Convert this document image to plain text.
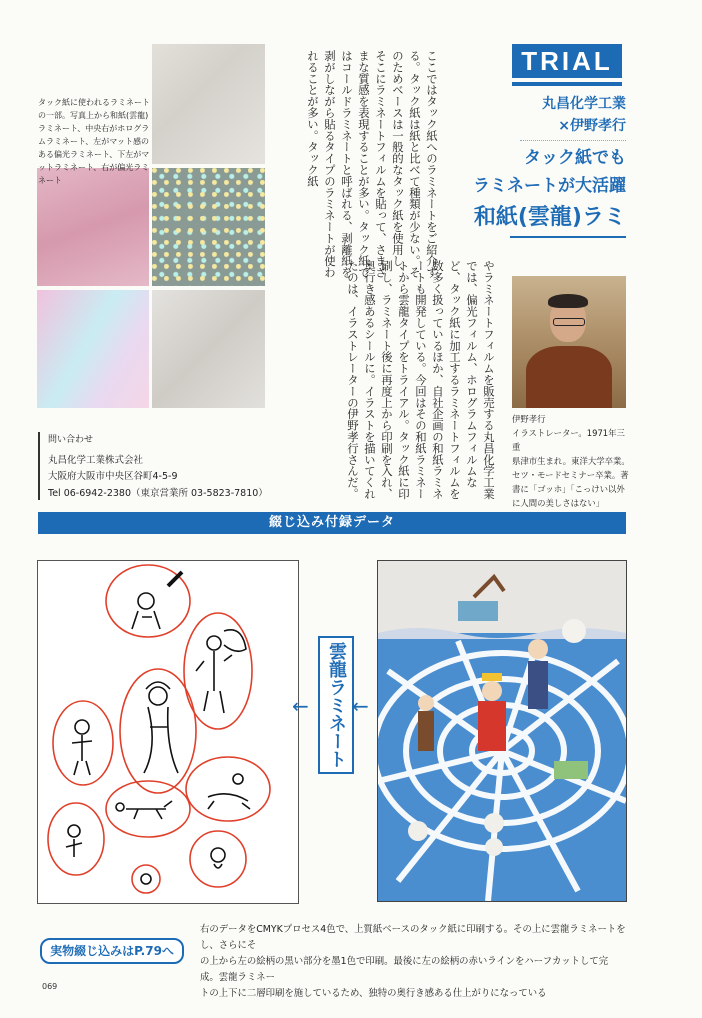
TRIAL
丸昌化学工業
×伊野孝行
タック紙でも
ラミネートが大活躍
和紙(雲龍)ラミ
ここではタック紙へのラミネートをご紹介する。タック紙は紙と比べて種類が少ない。そのためベースは一般的なタック紙を使用し、そこにラミネートフィルムを貼って、さまざまな質感を表現することが多い。タック紙ではコールドラミネートと呼ばれる、剥離紙を剥がしながら貼るタイプのラミネートが使われることが多い。タック紙
やラミネートフィルムを販売する丸昌化学工業では、偏光フィルム、ホログラムフィルムなど、タック紙に加工するラミネートフィルムを数多く扱っているほか、自社企画の和紙ラミネートも開発している。今回はその和紙ラミネートから雲龍タイプをトライアル。タック紙に印刷し、ラミネート後に再度上から印刷を入れ、奥行き感あるシールに。イラストを描いてくれたのは、イラストレーターの伊野孝行さんだ。
タック紙に使われるラミネートの一部。写真上から和紙(雲龍)ラミネート、中央右がホログラムラミネート、左がマット感のある偏光ラミネート、下左がマットラミネート、右が偏光ラミネート
問い合わせ
丸昌化学工業株式会社
大阪府大阪市中央区谷町4-5-9
Tel 06-6942-2380（東京営業所 03-5823-7810）
伊野孝行
イラストレーター。1971年三重
県津市生まれ。東洋大学卒業。
セツ・モードセミナー卒業。著
書に「ゴッホ」「こっけい以外
に人間の美しさはない」
綴じ込み付録データ
← 雲龍ラミネート ←
実物綴じ込みはP.79へ
右のデータをCMYKプロセス4色で、上質紙ベースのタック紙に印刷する。その上に雲龍ラミネートをし、さらにそ
の上から左の絵柄の黒い部分を墨1色で印刷。最後に左の絵柄の赤いラインをハーフカットして完成。雲龍ラミネー
トの上下に二層印刷を施しているため、独特の奥行き感ある仕上がりになっている
069
